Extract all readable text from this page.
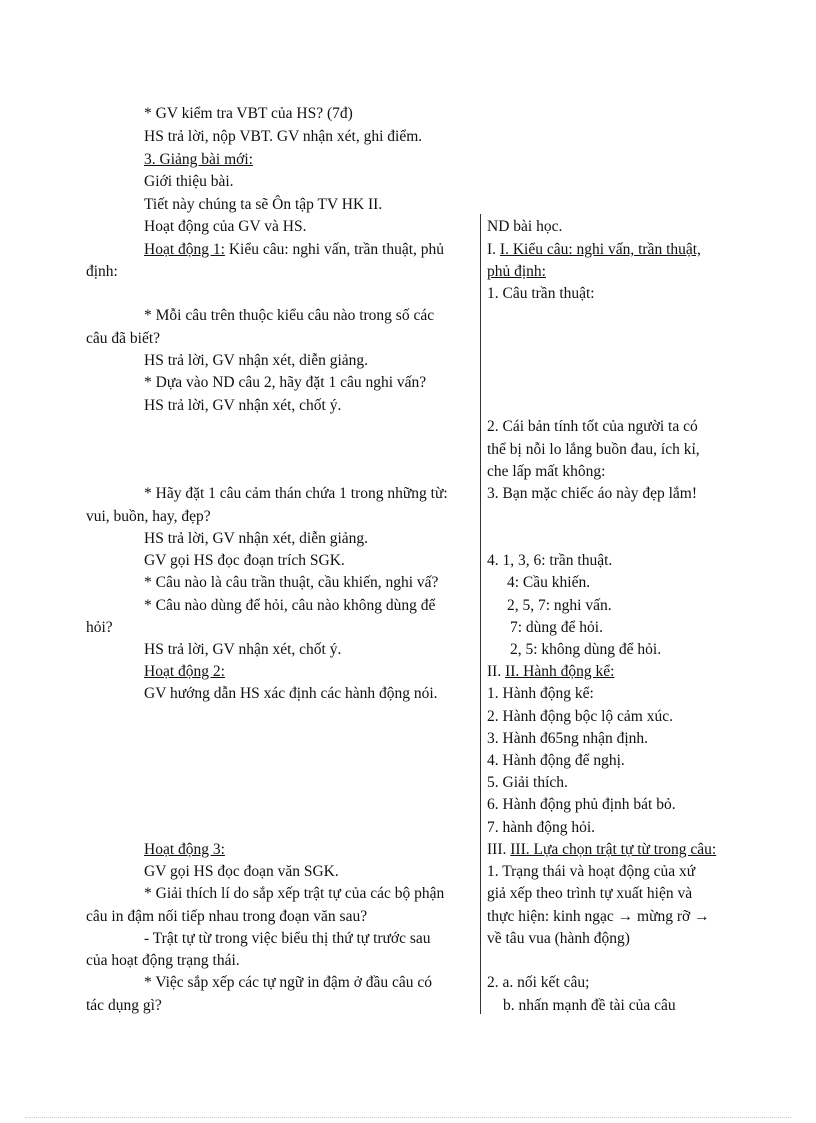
* GV kiểm tra VBT của HS? (7đ)
HS trả lời, nộp VBT. GV nhận xét, ghi điểm.
3. Giảng bài mới:
Giới thiệu bài.
Tiết này chúng ta sẽ Ôn tập TV HK II.
Hoạt động của GV và HS.
Hoạt động 1: Kiểu câu: nghi vấn, trần thuật, phủ
định:
* Mỗi câu trên thuộc kiểu câu nào trong số các
câu đã biết?
HS trả lời, GV nhận xét, diễn giảng.
* Dựa vào ND câu 2, hãy đặt 1 câu nghi vấn?
HS trả lời, GV nhận xét, chốt ý.
* Hãy đặt 1 câu cảm thán chứa 1 trong những từ:
vui, buồn, hay, đẹp?
HS trả lời, GV nhận xét, diễn giảng.
GV gọi HS đọc đoạn trích SGK.
* Câu nào là câu trần thuật, cầu khiến, nghi vấ?
* Câu nào dùng để hỏi, câu nào không dùng để
hỏi?
HS trả lời, GV nhận xét, chốt ý.
Hoạt động 2:
GV hướng dẫn HS xác định các hành động nói.
Hoạt động 3:
GV gọi HS đọc đoạn văn SGK.
* Giải thích lí do sắp xếp trật tự của các bộ phận
câu in đậm nối tiếp nhau trong đoạn văn sau?
- Trật tự từ trong việc biểu thị thứ tự trước sau
của hoạt động trạng thái.
* Việc sắp xếp các tự ngữ in đậm ở đầu câu có
tác dụng gì?
ND bài học.
I. I. Kiểu câu: nghi vấn, trần thuật,
phủ định:
1. Câu trần thuật:
2. Cái bản tính tốt của người ta có
thể bị nỗi lo lắng buồn đau, ích kỉ,
che lấp mất không:
3. Bạn mặc chiếc áo này đẹp lắm!
4. 1, 3, 6: trần thuật.
4: Cầu khiến.
2, 5, 7: nghi vấn.
7: dùng để hỏi.
2, 5: không dùng để hỏi.
II. II. Hành động kể:
1. Hành động kể:
2. Hành động bộc lộ cảm xúc.
3. Hành đ65ng nhận định.
4. Hành động để nghị.
5. Giải thích.
6. Hành động phủ định bát bỏ.
7. hành động hỏi.
III. III. Lựa chọn trật tự từ trong câu:
1. Trạng thái và hoạt động của xứ
giả xếp theo trình tự xuất hiện và
thực hiện: kinh ngạc → mừng rỡ →
về tâu vua (hành động)
2. a. nối kết câu;
b. nhấn mạnh đề tài của câu
